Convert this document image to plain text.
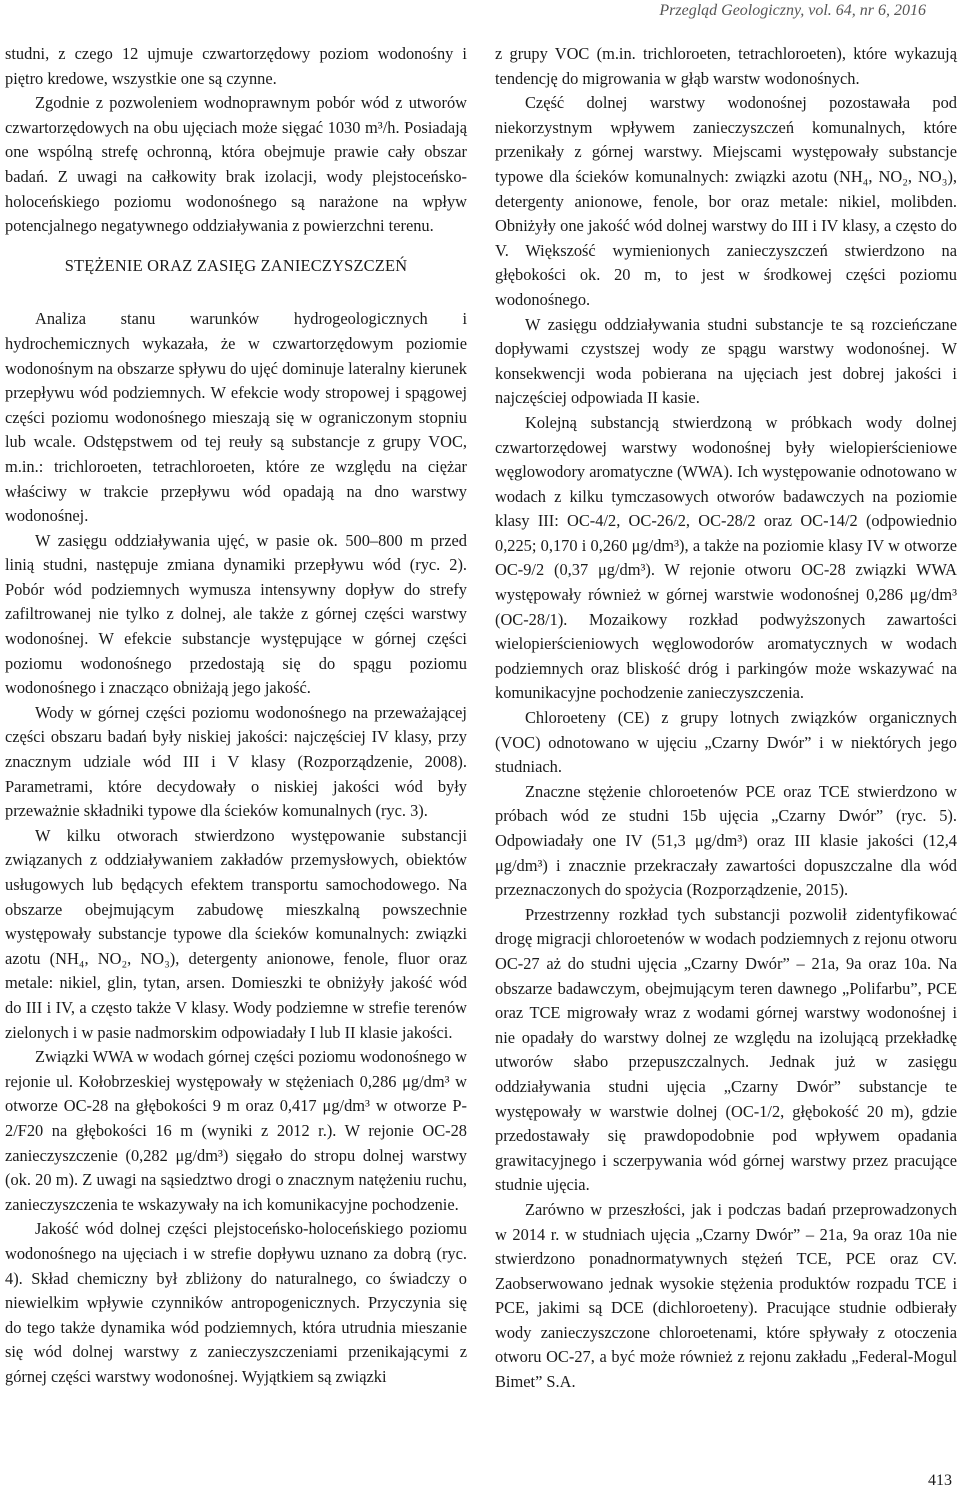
Przegląd Geologiczny, vol. 64, nr 6, 2016

studni, z czego 12 ujmuje czwartorzędowy poziom wodonośny i piętro kredowe, wszystkie one są czynne.

Zgodnie z pozwoleniem wodnoprawnym pobór wód z utworów czwartorzędowych na obu ujęciach może sięgać 1030 m³/h. Posiadają one wspólną strefę ochronną, która obejmuje prawie cały obszar badań. Z uwagi na całkowity brak izolacji, wody plejstoceńsko-holoceńskiego poziomu wodonośnego są narażone na wpływ potencjalnego negatywnego oddziaływania z powierzchni terenu.

STĘŻENIE ORAZ ZASIĘG ZANIECZYSZCZEŃ

Analiza stanu warunków hydrogeologicznych i hydrochemicznych wykazała, że w czwartorzędowym poziomie wodonośnym na obszarze spływu do ujęć dominuje lateralny kierunek przepływu wód podziemnych. W efekcie wody stropowej i spągowej części poziomu wodonośnego mieszają się w ograniczonym stopniu lub wcale. Odstępstwem od tej reuły są substancje z grupy VOC, m.in.: trichloroeten, tetrachloroeten, które ze względu na ciężar właściwy w trakcie przepływu wód opadają na dno warstwy wodonośnej.

W zasięgu oddziaływania ujęć, w pasie ok. 500–800 m przed linią studni, następuje zmiana dynamiki przepływu wód (ryc. 2). Pobór wód podziemnych wymusza intensywny dopływ do strefy zafiltrowanej nie tylko z dolnej, ale także z górnej części warstwy wodonośnej. W efekcie substancje występujące w górnej części poziomu wodonośnego przedostają się do spągu poziomu wodonośnego i znacząco obniżają jego jakość.

Wody w górnej części poziomu wodonośnego na przeważającej części obszaru badań były niskiej jakości: najczęściej IV klasy, przy znacznym udziale wód III i V klasy (Rozporządzenie, 2008). Parametrami, które decydowały o niskiej jakości wód były przeważnie składniki typowe dla ścieków komunalnych (ryc. 3).

W kilku otworach stwierdzono występowanie substancji związanych z oddziaływaniem zakładów przemysłowych, obiektów usługowych lub będących efektem transportu samochodowego. Na obszarze obejmującym zabudowę mieszkalną powszechnie występowały substancje typowe dla ścieków komunalnych: związki azotu (NH₄, NO₂, NO₃), detergenty anionowe, fenole, fluor oraz metale: nikiel, glin, tytan, arsen. Domieszki te obniżyły jakość wód do III i IV, a często także V klasy. Wody podziemne w strefie terenów zielonych i w pasie nadmorskim odpowiadały I lub II klasie jakości.

Związki WWA w wodach górnej części poziomu wodonośnego w rejonie ul. Kołobrzeskiej występowały w stężeniach 0,286 μg/dm³ w otworze OC-28 na głębokości 9 m oraz 0,417 μg/dm³ w otworze P-2/F20 na głębokości 16 m (wyniki z 2012 r.). W rejonie OC-28 zanieczyszczenie (0,282 μg/dm³) sięgało do stropu dolnej warstwy (ok. 20 m). Z uwagi na sąsiedztwo drogi o znacznym natężeniu ruchu, zanieczyszczenia te wskazywały na ich komunikacyjne pochodzenie.

Jakość wód dolnej części plejstoceńsko-holoceńskiego poziomu wodonośnego na ujęciach i w strefie dopływu uznano za dobrą (ryc. 4). Skład chemiczny był zbliżony do naturalnego, co świadczy o niewielkim wpływie czynników antropogenicznych. Przyczynia się do tego także dynamika wód podziemnych, która utrudnia mieszanie się wód dolnej warstwy z zanieczyszczeniami przenikającymi z górnej części warstwy wodonośnej. Wyjątkiem są związki

z grupy VOC (m.in. trichloroeten, tetrachloroeten), które wykazują tendencję do migrowania w głąb warstw wodonośnych.

Część dolnej warstwy wodonośnej pozostawała pod niekorzystnym wpływem zanieczyszczeń komunalnych, które przenikały z górnej warstwy. Miejscami występowały substancje typowe dla ścieków komunalnych: związki azotu (NH₄, NO₂, NO₃), detergenty anionowe, fenole, bor oraz metale: nikiel, molibden. Obniżyły one jakość wód dolnej warstwy do III i IV klasy, a często do V. Większość wymienionych zanieczyszczeń stwierdzono na głębokości ok. 20 m, to jest w środkowej części poziomu wodonośnego.

W zasięgu oddziaływania studni substancje te są rozcieńczane dopływami czystszej wody ze spągu warstwy wodonośnej. W konsekwencji woda pobierana na ujęciach jest dobrej jakości i najczęściej odpowiada II kasie.

Kolejną substancją stwierdzoną w próbkach wody dolnej czwartorzędowej warstwy wodonośnej były wielopierścieniowe węglowodory aromatyczne (WWA). Ich występowanie odnotowano w wodach z kilku tymczasowych otworów badawczych na poziomie klasy III: OC-4/2, OC-26/2, OC-28/2 oraz OC-14/2 (odpowiednio 0,225; 0,170 i 0,260 μg/dm³), a także na poziomie klasy IV w otworze OC-9/2 (0,37 μg/dm³). W rejonie otworu OC-28 związki WWA występowały również w górnej warstwie wodonośnej 0,286 μg/dm³ (OC-28/1). Mozaikowy rozkład podwyższonych zawartości wielopierścieniowych węglowodorów aromatycznych w wodach podziemnych oraz bliskość dróg i parkingów może wskazywać na komunikacyjne pochodzenie zanieczyszczenia.

Chloroeteny (CE) z grupy lotnych związków organicznych (VOC) odnotowano w ujęciu „Czarny Dwór” i w niektórych jego studniach.

Znaczne stężenie chloroetenów PCE oraz TCE stwierdzono w próbach wód ze studni 15b ujęcia „Czarny Dwór” (ryc. 5). Odpowiadały one IV (51,3 μg/dm³) oraz III klasie jakości (12,4 μg/dm³) i znacznie przekraczały zawartości dopuszczalne dla wód przeznaczonych do spożycia (Rozporządzenie, 2015).

Przestrzenny rozkład tych substancji pozwolił zidentyfikować drogę migracji chloroetenów w wodach podziemnych z rejonu otworu OC-27 aż do studni ujęcia „Czarny Dwór” – 21a, 9a oraz 10a. Na obszarze badawczym, obejmującym teren dawnego „Polifarbu”, PCE oraz TCE migrowały wraz z wodami górnej warstwy wodonośnej i nie opadały do warstwy dolnej ze względu na izolującą przekładkę utworów słabo przepuszczalnych. Jednak już w zasięgu oddziaływania studni ujęcia „Czarny Dwór” substancje te występowały w warstwie dolnej (OC-1/2, głębokość 20 m), gdzie przedostawały się prawdopodobnie pod wpływem opadania grawitacyjnego i sczerpywania wód górnej warstwy przez pracujące studnie ujęcia.

Zarówno w przeszłości, jak i podczas badań przeprowadzonych w 2014 r. w studniach ujęcia „Czarny Dwór” – 21a, 9a oraz 10a nie stwierdzono ponadnormatywnych stężeń TCE, PCE oraz CV. Zaobserwowano jednak wysokie stężenia produktów rozpadu TCE i PCE, jakimi są DCE (dichloroeteny). Pracujące studnie odbierały wody zanieczyszczone chloroetenami, które spływały z otoczenia otworu OC-27, a być może również z rejonu zakładu „Federal-Mogul Bimet” S.A.

413
